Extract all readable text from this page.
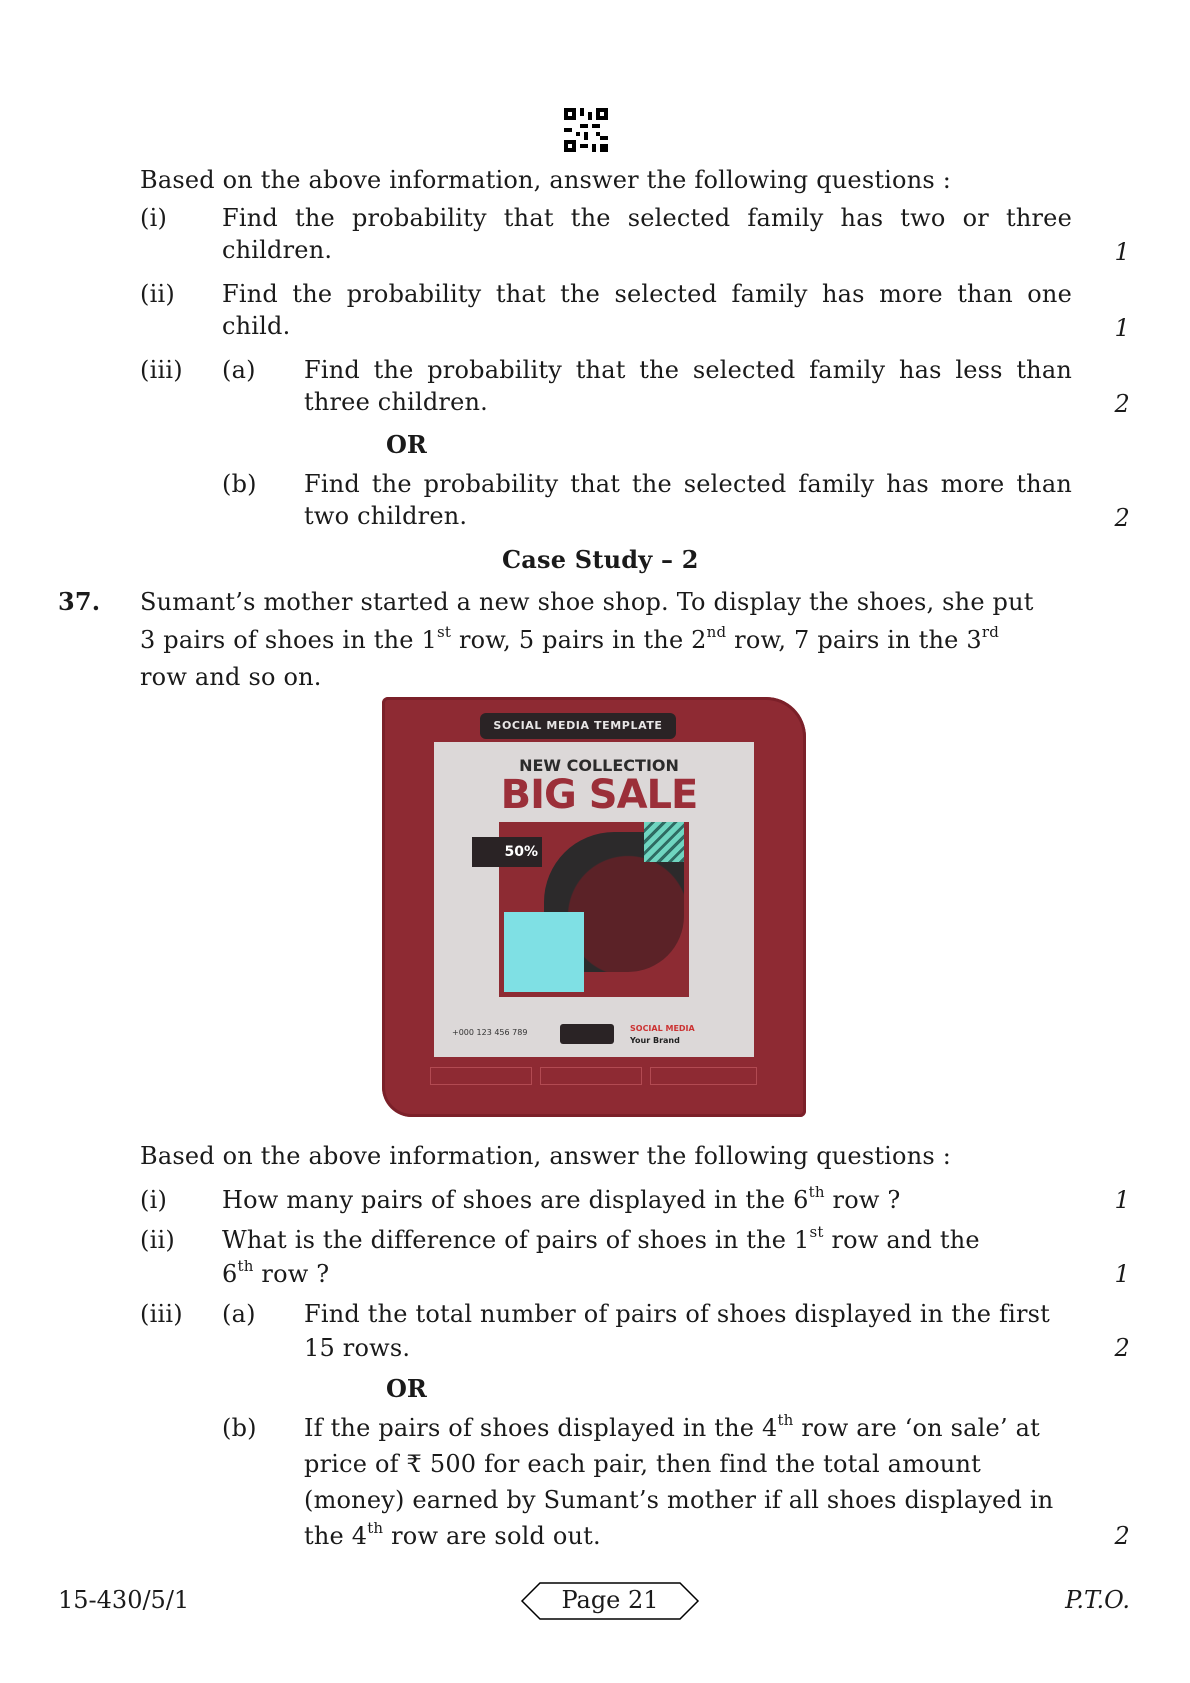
Based on the above information, answer the following questions :
(i) Find the probability that the selected family has two or three children.	1
(ii) Find the probability that the selected family has more than one child.	1
(iii) (a) Find the probability that the selected family has less than three children.	2
OR
(b) Find the probability that the selected family has more than two children.	2
Case Study – 2
37. Sumant’s mother started a new shoe shop. To display the shoes, she put
3 pairs of shoes in the 1st row, 5 pairs in the 2nd row, 7 pairs in the 3rd
row and so on.
SOCIAL MEDIA TEMPLATE
NEW COLLECTION
BIG SALE
50%
+000 123 456 789	SOCIAL MEDIA
Your Brand
Based on the above information, answer the following questions :
(i) How many pairs of shoes are displayed in the 6th row ?	1
(ii) What is the difference of pairs of shoes in the 1st row and the
6th row ?	1
(iii) (a) Find the total number of pairs of shoes displayed in the first
15 rows.	2
OR
(b) If the pairs of shoes displayed in the 4th row are ‘on sale’ at
price of ₹ 500 for each pair, then find the total amount
(money) earned by Sumant’s mother if all shoes displayed in
the 4th row are sold out.	2
15-430/5/1	Page 21	P.T.O.
